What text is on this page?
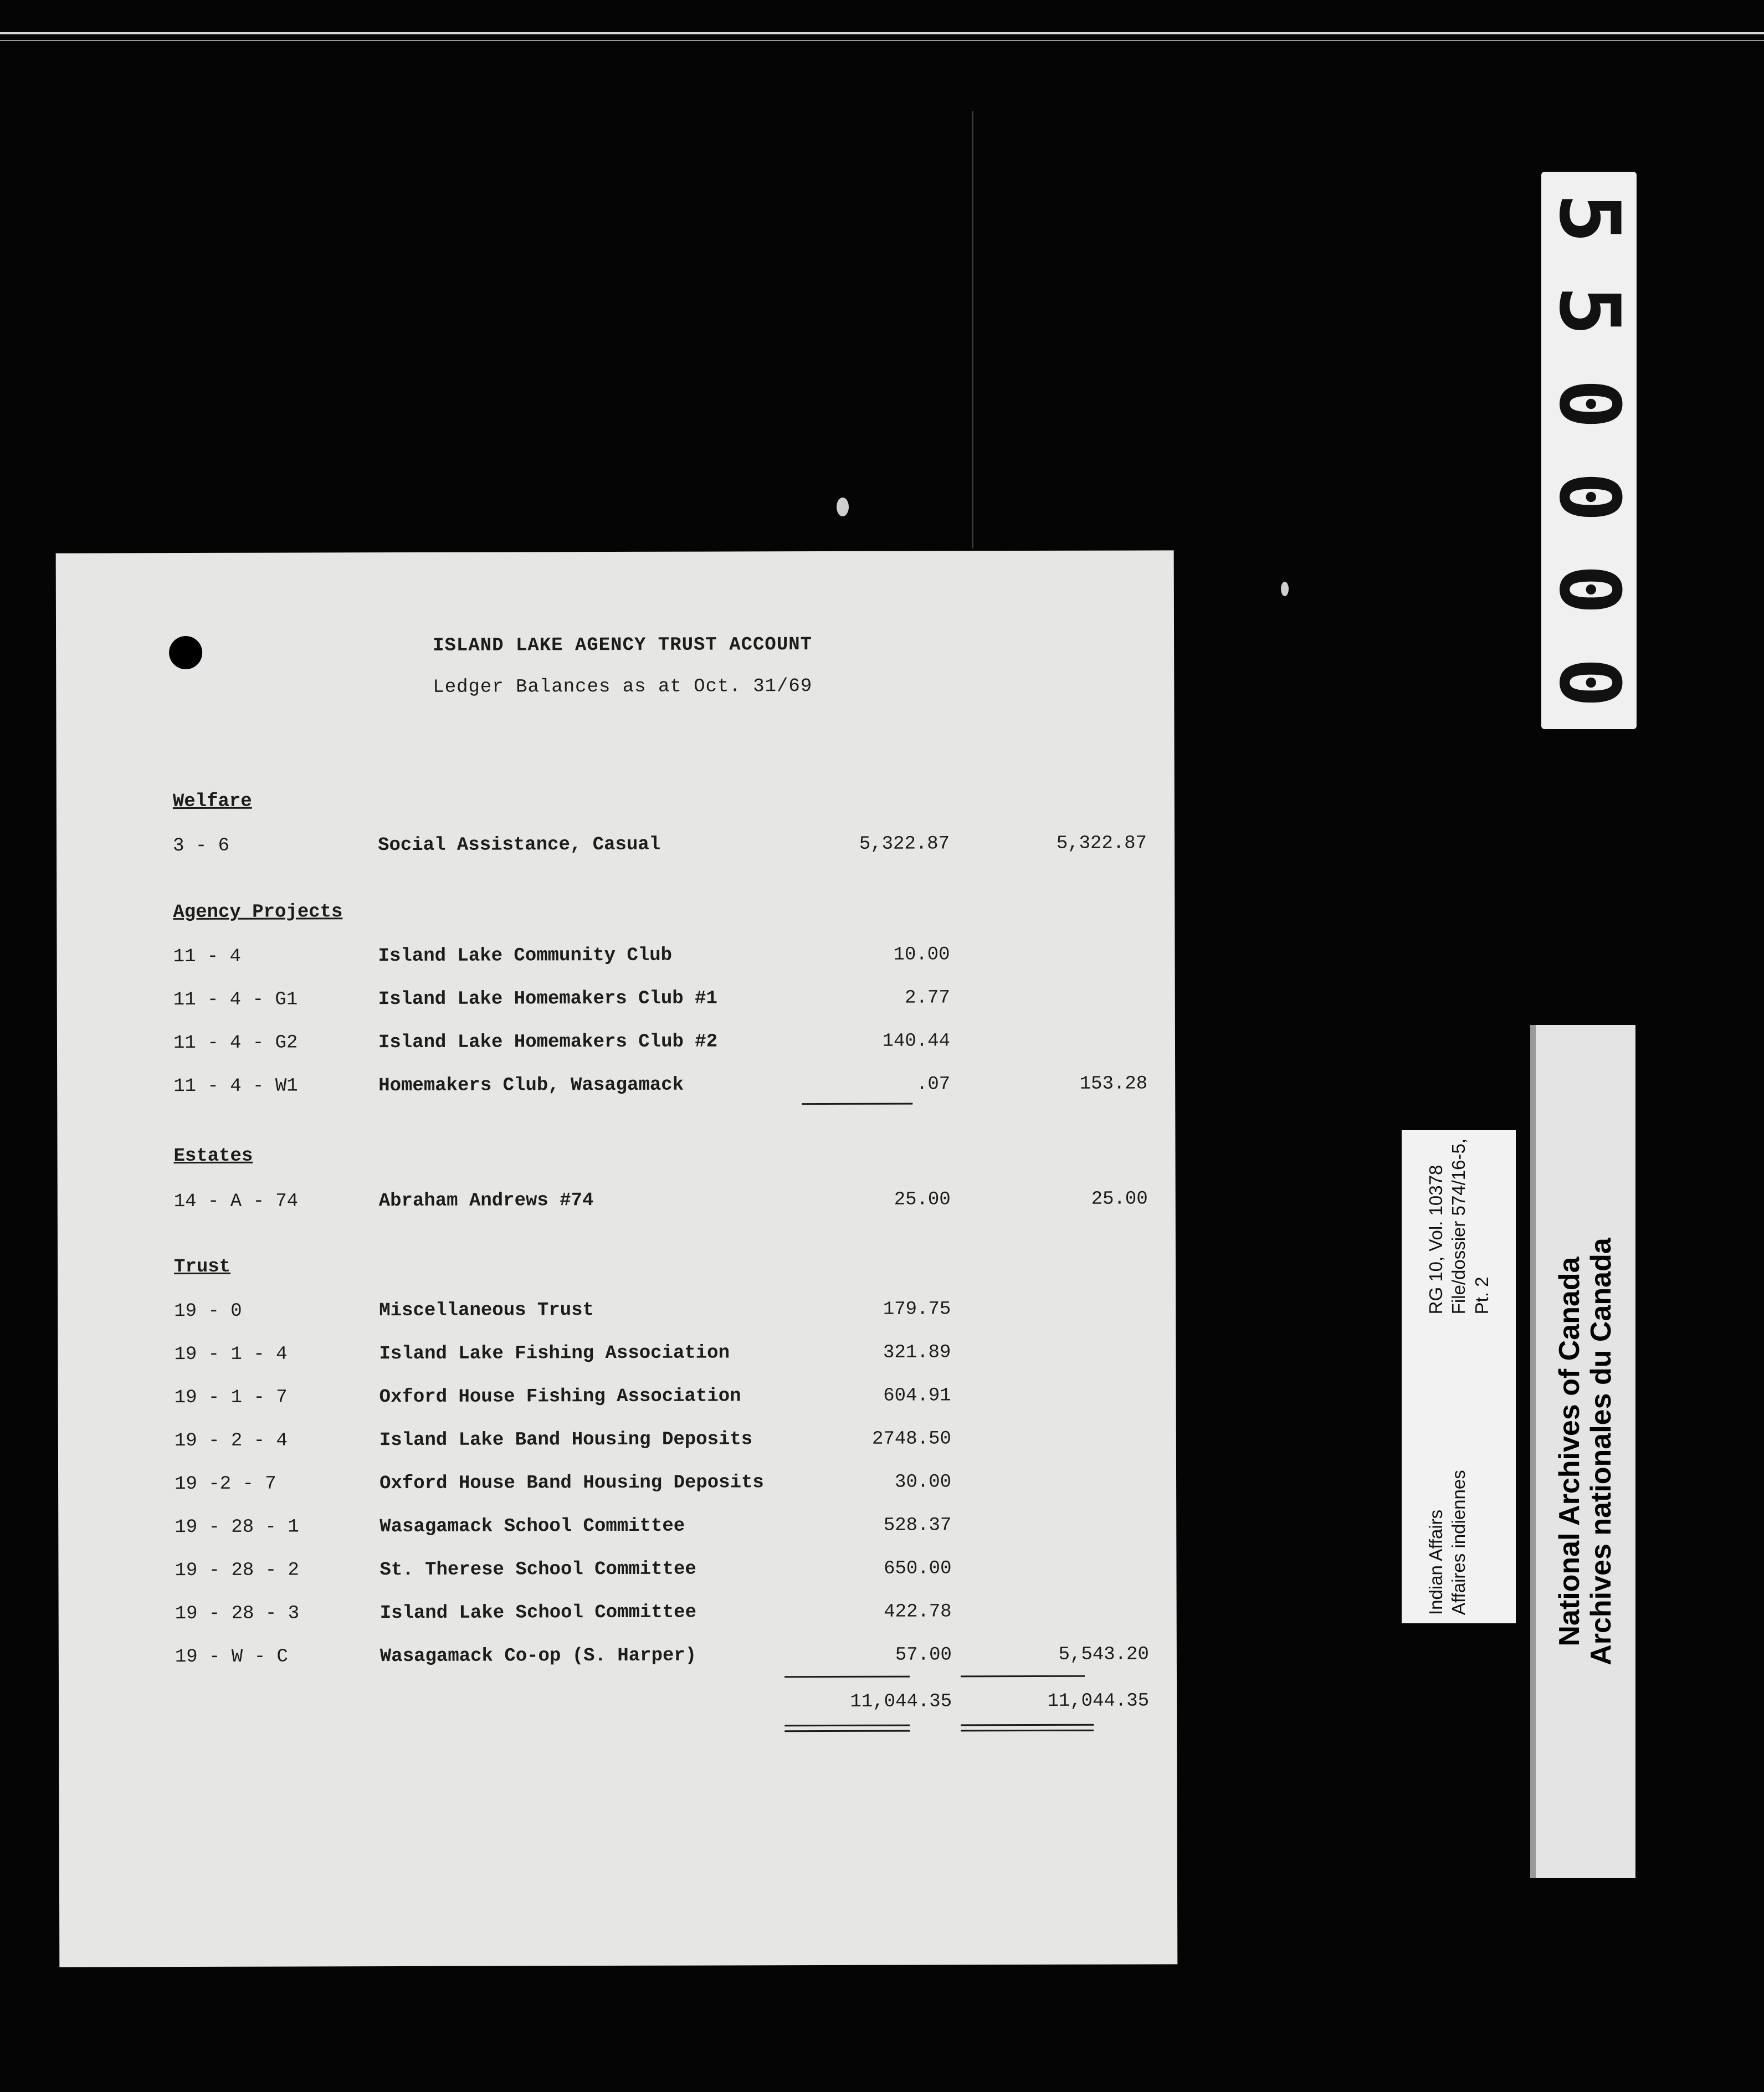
5
5
0
0
0
0
ISLAND LAKE AGENCY TRUST ACCOUNT
Ledger Balances as at Oct. 31/69
Welfare
3 - 6	Social Assistance, Casual	5,322.87	5,322.87
Agency Projects
11 - 4	Island Lake Community Club	10.00
11 - 4 - G1	Island Lake Homemakers Club #1	2.77
11 - 4 - G2	Island Lake Homemakers Club #2	140.44
11 - 4 - W1	Homemakers Club, Wasagamack	.07	153.28
Estates
14 - A - 74	Abraham Andrews #74	25.00	25.00
Trust
19 - 0	Miscellaneous Trust	179.75
19 - 1 - 4	Island Lake Fishing Association	321.89
19 - 1 - 7	Oxford House Fishing Association	604.91
19 - 2 - 4	Island Lake Band Housing Deposits	2748.50
19 -2 - 7	Oxford House Band Housing Deposits	30.00
19 - 28 - 1	Wasagamack School Committee	528.37
19 - 28 - 2	St. Therese School Committee	650.00
19 - 28 - 3	Island Lake School Committee	422.78
19 - W - C	Wasagamack Co-op (S. Harper)	57.00	5,543.20
11,044.35	11,044.35
Indian Affairs Affaires indiennes
RG 10, Vol. 10378 File/dossier 574/16-5, Pt. 2 National Archives of Canada Archives nationales du Canada
